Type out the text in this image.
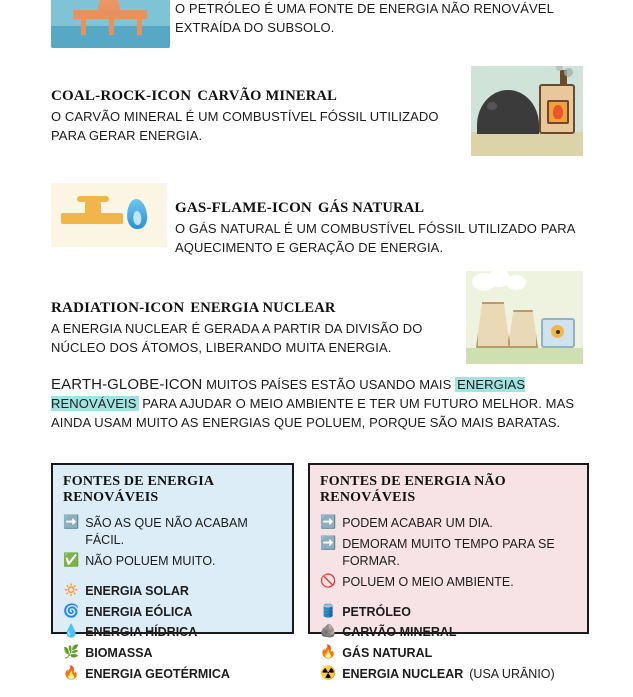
O PETRÓLEO É UMA FONTE DE ENERGIA NÃO RENOVÁVEL EXTRAÍDA DO SUBSOLO.
COAL-ROCK-ICON CARVÃO MINERAL
O CARVÃO MINERAL É UM COMBUSTÍVEL FÓSSIL UTILIZADO PARA GERAR ENERGIA.
GAS-FLAME-ICON GÁS NATURAL
O GÁS NATURAL É UM COMBUSTÍVEL FÓSSIL UTILIZADO PARA AQUECIMENTO E GERAÇÃO DE ENERGIA.
RADIATION-ICON ENERGIA NUCLEAR
A ENERGIA NUCLEAR É GERADA A PARTIR DA DIVISÃO DO NÚCLEO DOS ÁTOMOS, LIBERANDO MUITA ENERGIA.
EARTH-GLOBE-ICON MUITOS PAÍSES ESTÃO USANDO MAIS ENERGIAS RENOVÁVEIS PARA AJUDAR O MEIO AMBIENTE E TER UM FUTURO MELHOR. MAS AINDA USAM MUITO AS ENERGIAS QUE POLUEM, PORQUE SÃO MAIS BARATAS.
FONTES DE ENERGIA RENOVÁVEIS
➡️ SÃO AS QUE NÃO ACABAM FÁCIL.
✅ NÃO POLUEM MUITO.
🔅 ENERGIA SOLAR
🌀 ENERGIA EÓLICA
💧 ENERGIA HÍDRICA
🌿 BIOMASSA
🔥 ENERGIA GEOTÉRMICA
FONTES DE ENERGIA NÃO RENOVÁVEIS
➡️ PODEM ACABAR UM DIA.
➡️ DEMORAM MUITO TEMPO PARA SE FORMAR.
🚫 POLUEM O MEIO AMBIENTE.
🛢️ PETRÓLEO
🪨 CARVÃO MINERAL
🔥 GÁS NATURAL
☢️ ENERGIA NUCLEAR (USA URÂNIO)
